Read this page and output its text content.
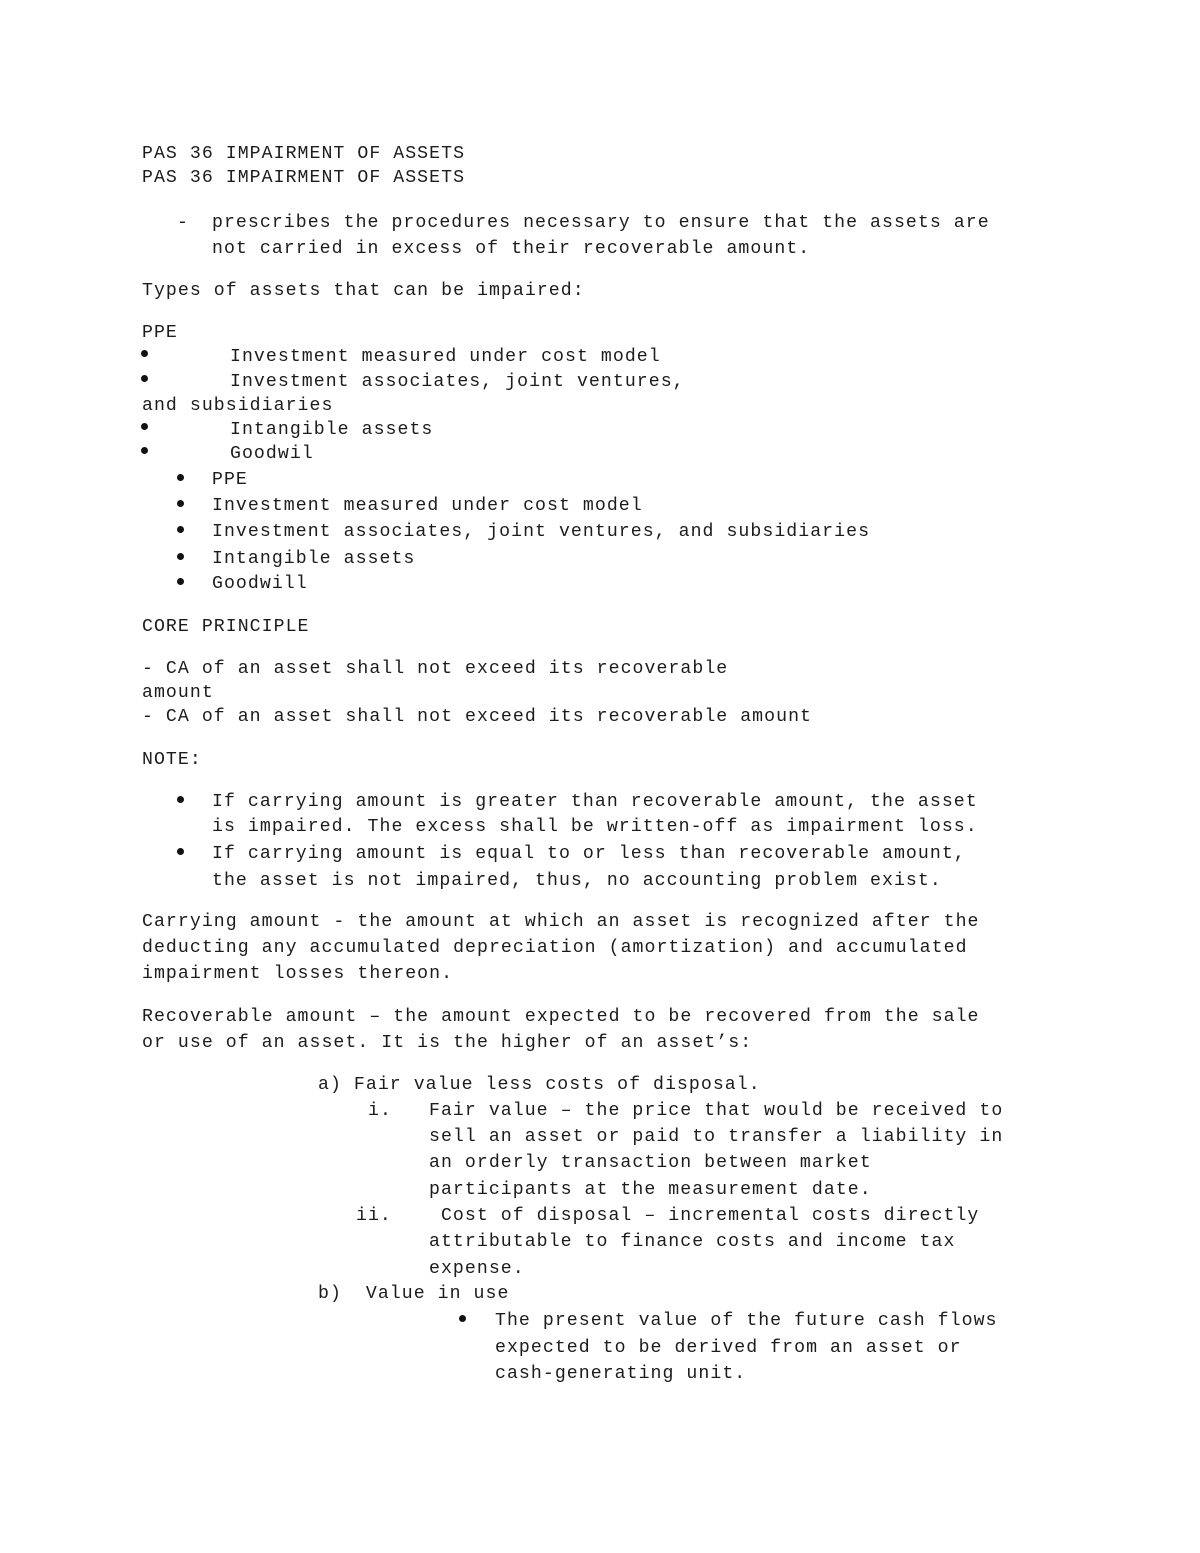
PAS 36 IMPAIRMENT OF ASSETS
PAS 36 IMPAIRMENT OF ASSETS
- prescribes the procedures necessary to ensure that the assets are
not carried in excess of their recoverable amount.
Types of assets that can be impaired:
PPE
Investment measured under cost model
Investment associates, joint ventures,
and subsidiaries
Intangible assets
Goodwil
PPE
Investment measured under cost model
Investment associates, joint ventures, and subsidiaries
Intangible assets
Goodwill
CORE PRINCIPLE
- CA of an asset shall not exceed its recoverable
amount
- CA of an asset shall not exceed its recoverable amount
NOTE:
If carrying amount is greater than recoverable amount, the asset
is impaired. The excess shall be written-off as impairment loss.
If carrying amount is equal to or less than recoverable amount,
the asset is not impaired, thus, no accounting problem exist.
Carrying amount - the amount at which an asset is recognized after the
deducting any accumulated depreciation (amortization) and accumulated
impairment losses thereon.
Recoverable amount – the amount expected to be recovered from the sale
or use of an asset. It is the higher of an asset’s:
a) Fair value less costs of disposal.
i. Fair value – the price that would be received to
sell an asset or paid to transfer a liability in
an orderly transaction between market
participants at the measurement date.
ii. Cost of disposal – incremental costs directly
attributable to finance costs and income tax
expense.
b)  Value in use
The present value of the future cash flows
expected to be derived from an asset or
cash-generating unit.
